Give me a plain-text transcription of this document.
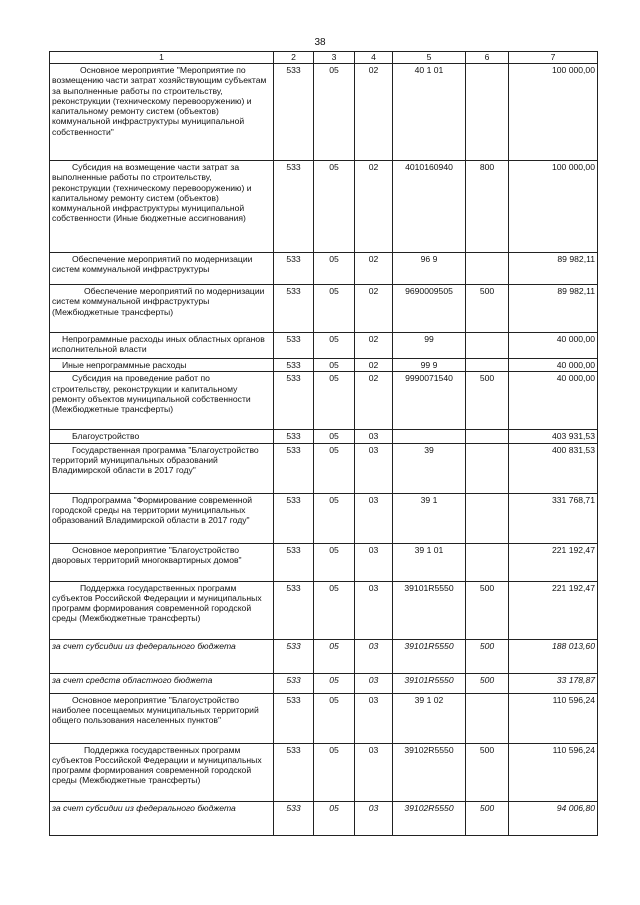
38
1	2	3	4	5	6	7
Основное мероприятие "Мероприятие по возмещению части затрат хозяйствующим субъектам за выполненные работы по строительству, реконструкции (техническому перевооружению) и капитальному ремонту систем (объектов) коммунальной инфраструктуры муниципальной собственности"	533	05	02	40 1 01		100 000,00
Субсидия на возмещение части затрат за выполненные работы по строительству, реконструкции (техническому перевооружению) и капитальному ремонту систем (объектов) коммунальной инфраструктуры муниципальной собственности (Иные бюджетные ассигнования)	533	05	02	4010160940	800	100 000,00
Обеспечение мероприятий по модернизации систем коммунальной инфраструктуры	533	05	02	96 9		89 982,11
Обеспечение мероприятий по модернизации систем коммунальной инфраструктуры (Межбюджетные трансферты)	533	05	02	9690009505	500	89 982,11
Непрограммные расходы иных областных органов исполнительной власти	533	05	02	99		40 000,00
Иные непрограммные расходы	533	05	02	99 9		40 000,00
Субсидия на проведение работ по строительству, реконструкции и капитальному ремонту объектов муниципальной собственности (Межбюджетные трансферты)	533	05	02	9990071540	500	40 000,00
Благоустройство	533	05	03			403 931,53
Государственная программа "Благоустройство территорий муниципальных образований Владимирской области в 2017 году"	533	05	03	39		400 831,53
Подпрограмма "Формирование современной городской среды на территории муниципальных образований Владимирской области в 2017 году"	533	05	03	39 1		331 768,71
Основное мероприятие "Благоустройство дворовых территорий многоквартирных домов"	533	05	03	39 1 01		221 192,47
Поддержка государственных программ субъектов Российской Федерации и муниципальных программ формирования современной городской среды (Межбюджетные трансферты)	533	05	03	39101R5550	500	221 192,47
за счет субсидии из федерального бюджета	533	05	03	39101R5550	500	188 013,60
за счет средств областного бюджета	533	05	03	39101R5550	500	33 178,87
Основное мероприятие "Благоустройство наиболее посещаемых муниципальных территорий общего пользования населенных пунктов"	533	05	03	39 1 02		110 596,24
Поддержка государственных программ субъектов Российской Федерации и муниципальных программ формирования современной городской среды (Межбюджетные трансферты)	533	05	03	39102R5550	500	110 596,24
за счет субсидии из федерального бюджета	533	05	03	39102R5550	500	94 006,80
